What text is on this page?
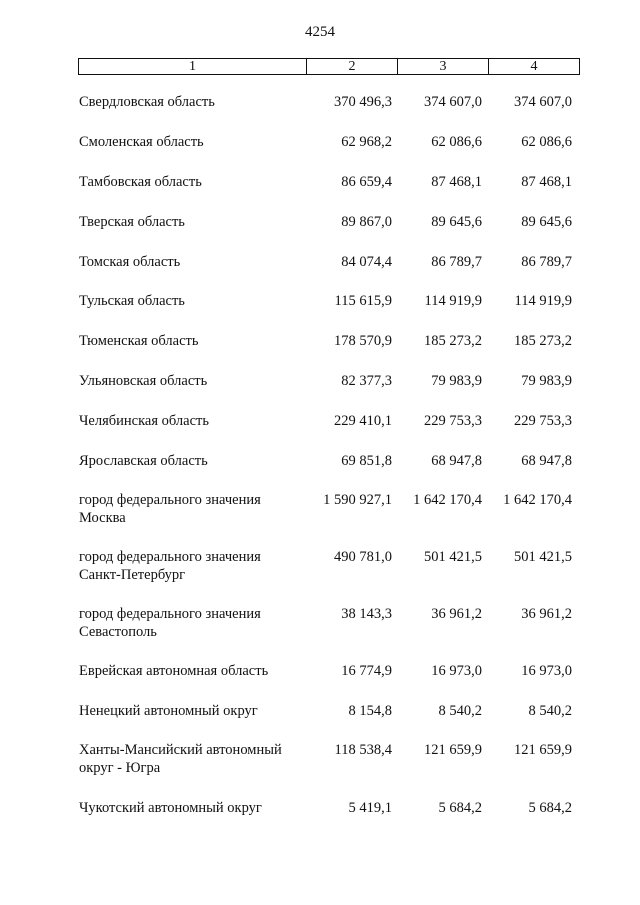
4254
1	2	3	4
Свердловская область	370 496,3	374 607,0	374 607,0
Смоленская область	62 968,2	62 086,6	62 086,6
Тамбовская область	86 659,4	87 468,1	87 468,1
Тверская область	89 867,0	89 645,6	89 645,6
Томская область	84 074,4	86 789,7	86 789,7
Тульская область	115 615,9	114 919,9	114 919,9
Тюменская область	178 570,9	185 273,2	185 273,2
Ульяновская область	82 377,3	79 983,9	79 983,9
Челябинская область	229 410,1	229 753,3	229 753,3
Ярославская область	69 851,8	68 947,8	68 947,8
город федерального значения
Москва
1 590 927,1	1 642 170,4	1 642 170,4
город федерального значения
Санкт-Петербург
490 781,0	501 421,5	501 421,5
город федерального значения
Севастополь
38 143,3	36 961,2	36 961,2
Еврейская автономная область	16 774,9	16 973,0	16 973,0
Ненецкий автономный округ	8 154,8	8 540,2	8 540,2
Ханты-Мансийский автономный
округ - Югра
118 538,4	121 659,9	121 659,9
Чукотский автономный округ	5 419,1	5 684,2	5 684,2
